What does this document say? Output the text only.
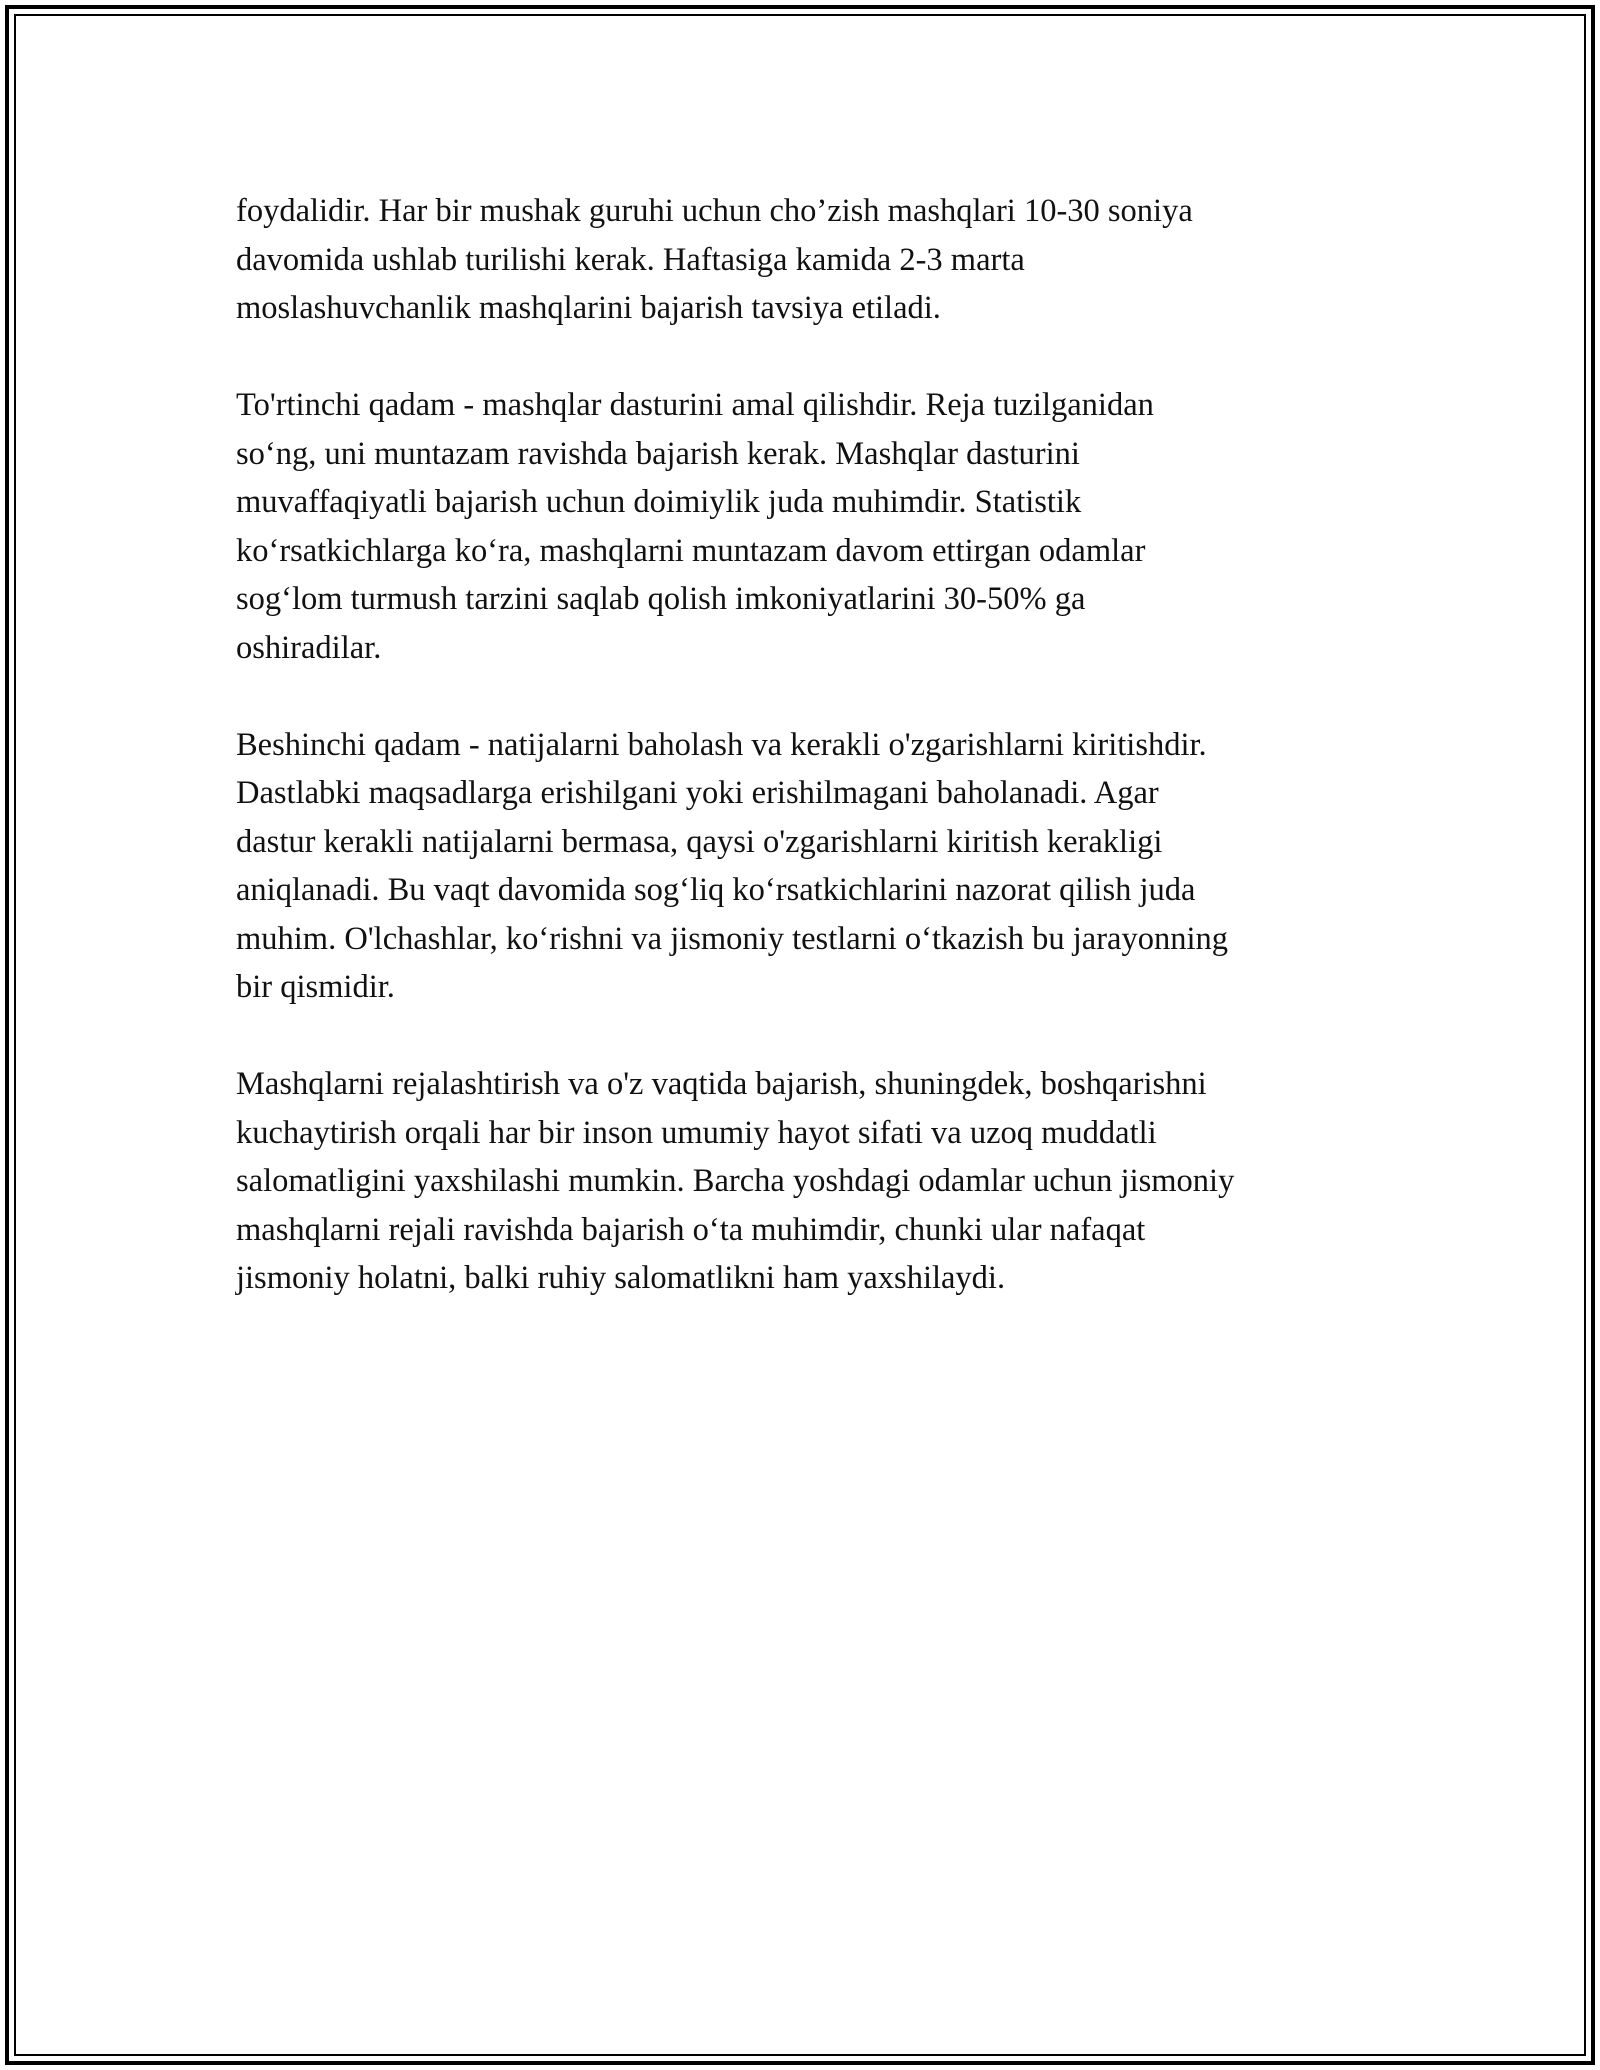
foydalidir. Har bir mushak guruhi uchun cho’zish mashqlari 10-30 soniya
davomida ushlab turilishi kerak. Haftasiga kamida 2-3 marta
moslashuvchanlik mashqlarini bajarish tavsiya etiladi.

To'rtinchi qadam - mashqlar dasturini amal qilishdir. Reja tuzilganidan
so‘ng, uni muntazam ravishda bajarish kerak. Mashqlar dasturini
muvaffaqiyatli bajarish uchun doimiylik juda muhimdir. Statistik
ko‘rsatkichlarga ko‘ra, mashqlarni muntazam davom ettirgan odamlar
sog‘lom turmush tarzini saqlab qolish imkoniyatlarini 30-50% ga
oshiradilar.

Beshinchi qadam - natijalarni baholash va kerakli o'zgarishlarni kiritishdir.
Dastlabki maqsadlarga erishilgani yoki erishilmagani baholanadi. Agar
dastur kerakli natijalarni bermasa, qaysi o'zgarishlarni kiritish kerakligi
aniqlanadi. Bu vaqt davomida sog‘liq ko‘rsatkichlarini nazorat qilish juda
muhim. O'lchashlar, ko‘rishni va jismoniy testlarni o‘tkazish bu jarayonning
bir qismidir.

Mashqlarni rejalashtirish va o'z vaqtida bajarish, shuningdek, boshqarishni
kuchaytirish orqali har bir inson umumiy hayot sifati va uzoq muddatli
salomatligini yaxshilashi mumkin. Barcha yoshdagi odamlar uchun jismoniy
mashqlarni rejali ravishda bajarish o‘ta muhimdir, chunki ular nafaqat
jismoniy holatni, balki ruhiy salomatlikni ham yaxshilaydi.
